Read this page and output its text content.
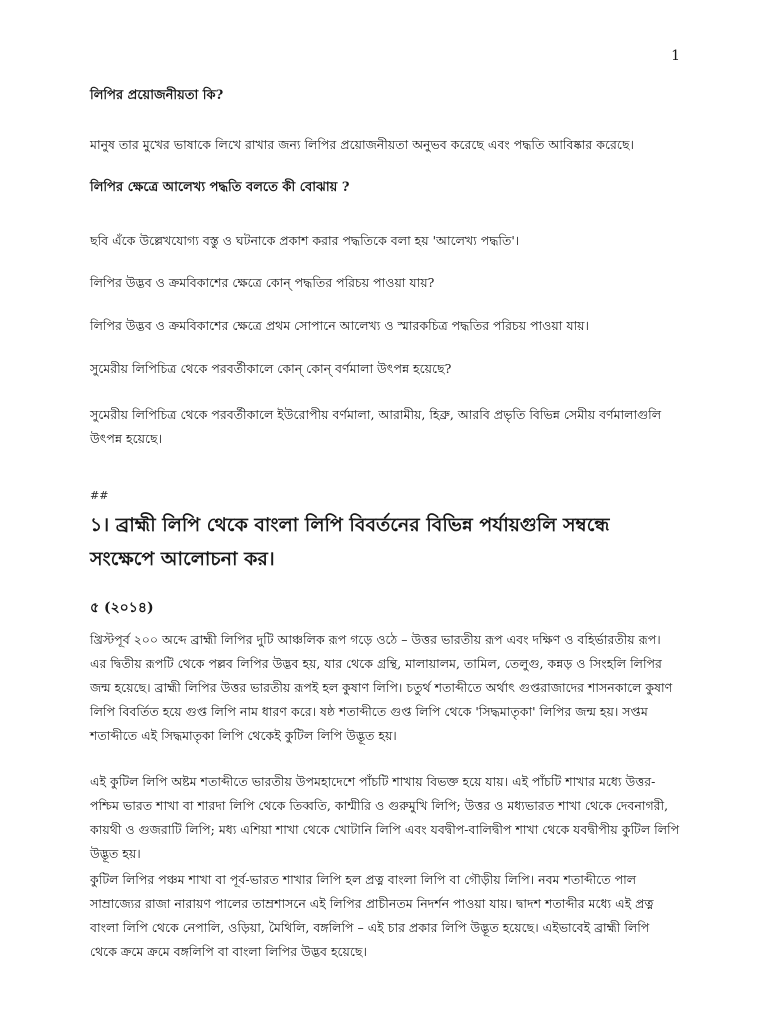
1
লিপির প্রয়োজনীয়তা কি?
মানুষ তার মুখের ভাষাকে লিখে রাখার জন্য লিপির প্রয়োজনীয়তা অনুভব করেছে এবং পদ্ধতি আবিষ্কার করেছে।
লিপির ক্ষেত্রে আলেখ্য পদ্ধতি বলতে কী বোঝায় ?
ছবি এঁকে উল্লেখযোগ্য বস্তু ও ঘটনাকে প্রকাশ করার পদ্ধতিকে বলা হয় 'আলেখ্য পদ্ধতি'।
লিপির উদ্ভব ও ক্রমবিকাশের ক্ষেত্রে কোন্ পদ্ধতির পরিচয় পাওয়া যায়?
লিপির উদ্ভব ও ক্রমবিকাশের ক্ষেত্রে প্রথম সোপানে আলেখ্য ও স্মারকচিত্র পদ্ধতির পরিচয় পাওয়া যায়।
সুমেরীয় লিপিচিত্র থেকে পরবর্তীকালে কোন্ কোন্ বর্ণমালা উৎপন্ন হয়েছে?
সুমেরীয় লিপিচিত্র থেকে পরবর্তীকালে ইউরোপীয় বর্ণমালা, আরামীয়, হিব্রু, আরবি প্রভৃতি বিভিন্ন সেমীয় বর্ণমালাগুলি উৎপন্ন হয়েছে।
##
১। ব্রাহ্মী লিপি থেকে বাংলা লিপি বিবর্তনের বিভিন্ন পর্যায়গুলি সম্বন্ধে সংক্ষেপে আলোচনা কর।
৫ (২০১৪)
খ্রিস্টপূর্ব ২০০ অব্দে ব্রাহ্মী লিপির দুটি আঞ্চলিক রূপ গড়ে ওঠে – উত্তর ভারতীয় রূপ এবং দক্ষিণ ও বহির্ভারতীয় রূপ। এর দ্বিতীয় রূপটি থেকে পল্লব লিপির উদ্ভব হয়, যার থেকে গ্রন্থি, মালায়ালম, তামিল, তেলুগু, কন্নড় ও সিংহলি লিপির জন্ম হয়েছে। ব্রাহ্মী লিপির উত্তর ভারতীয় রূপই হল কুষাণ লিপি। চতুর্থ শতাব্দীতে অর্থাৎ গুপ্তরাজাদের শাসনকালে কুষাণ লিপি বিবর্তিত হয়ে গুপ্ত লিপি নাম ধারণ করে। ষষ্ঠ শতাব্দীতে গুপ্ত লিপি থেকে 'সিদ্ধমাতৃকা' লিপির জন্ম হয়। সপ্তম শতাব্দীতে এই সিদ্ধমাতৃকা লিপি থেকেই কুটিল লিপি উদ্ভূত হয়।
এই কুটিল লিপি অষ্টম শতাব্দীতে ভারতীয় উপমহাদেশে পাঁচটি শাখায় বিভক্ত হয়ে যায়। এই পাঁচটি শাখার মধ্যে উত্তর-পশ্চিম ভারত শাখা বা শারদা লিপি থেকে তিব্বতি, কাশ্মীরি ও গুরুমুখি লিপি; উত্তর ও মধ্যভারত শাখা থেকে দেবনাগরী, কায়থী ও গুজরাটি লিপি; মধ্য এশিয়া শাখা থেকে খোটানি লিপি এবং যবদ্বীপ-বালিদ্বীপ শাখা থেকে যবদ্বীপীয় কুটিল লিপি উদ্ভূত হয়।
কুটিল লিপির পঞ্চম শাখা বা পূর্ব-ভারত শাখার লিপি হল প্রত্ন বাংলা লিপি বা গৌড়ীয় লিপি। নবম শতাব্দীতে পাল সাম্রাজ্যের রাজা নারায়ণ পালের তাম্রশাসনে এই লিপির প্রাচীনতম নিদর্শন পাওয়া যায়। দ্বাদশ শতাব্দীর মধ্যে এই প্রত্ন বাংলা লিপি থেকে নেপালি, ওড়িয়া, মৈথিলি, বঙ্গলিপি – এই চার প্রকার লিপি উদ্ভূত হয়েছে। এইভাবেই ব্রাহ্মী লিপি থেকে ক্রমে ক্রমে বঙ্গলিপি বা বাংলা লিপির উদ্ভব হয়েছে।
